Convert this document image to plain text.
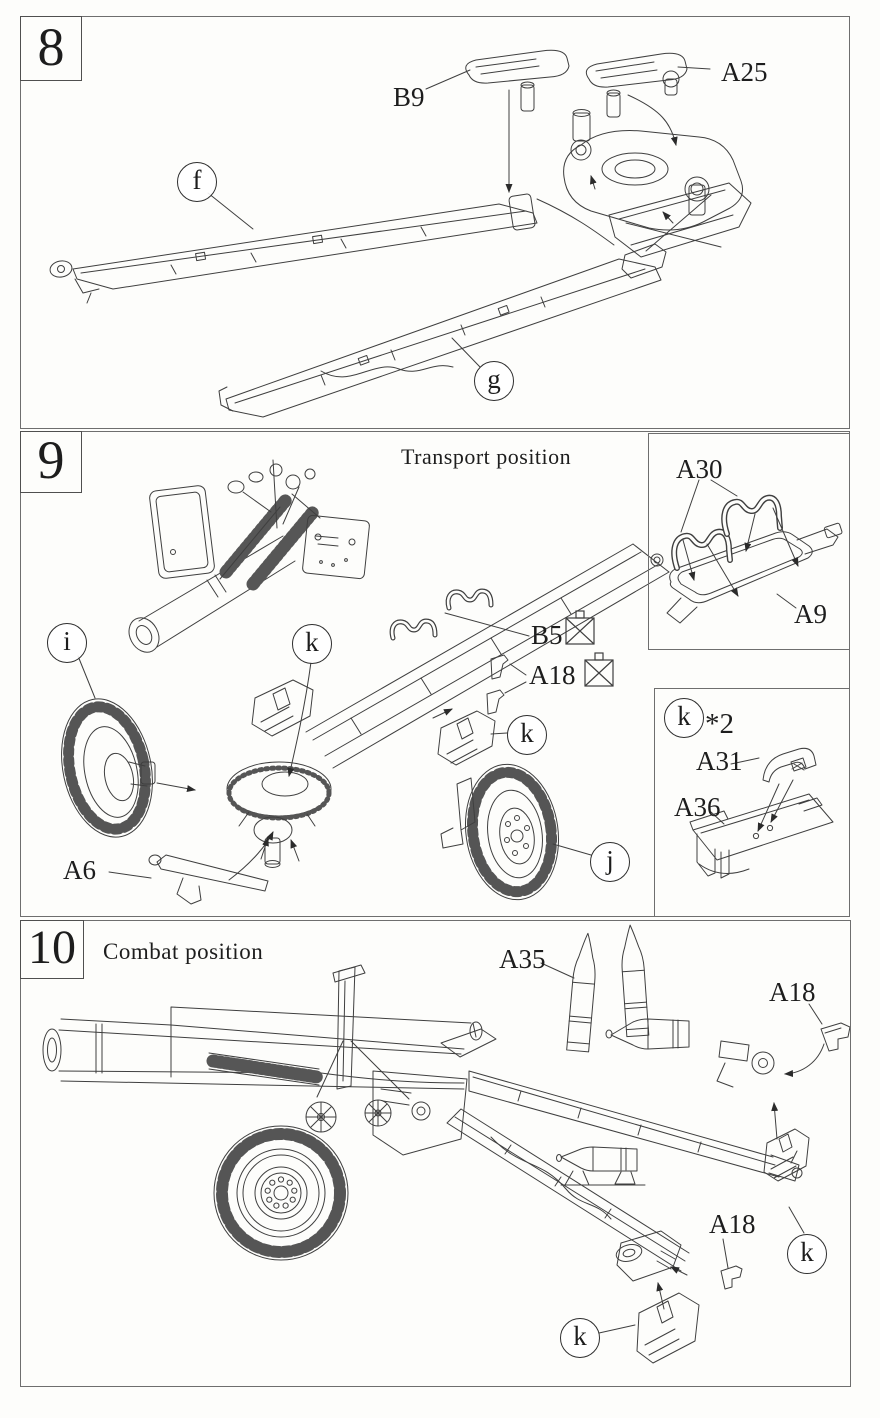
8
B9
A25
f
g
9	Transport position
i	k	B5
A18
k
j
A6
A30
A9
k *2
A31
A36
10 Combat position	A35
A18
k
A18
k
